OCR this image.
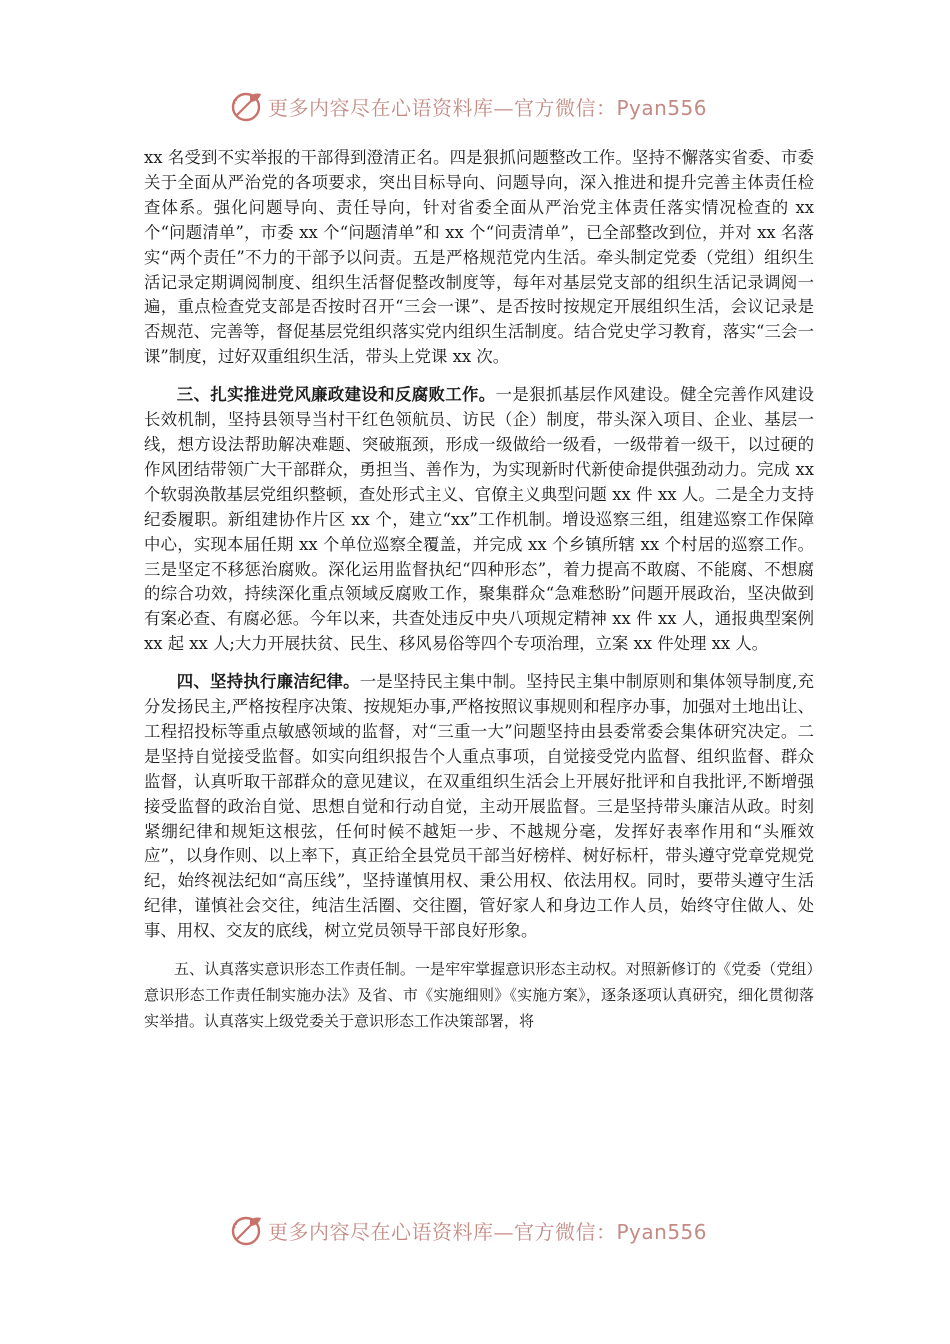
更多内容尽在心语资料库—官方微信：Pyan556

xx 名受到不实举报的干部得到澄清正名。四是狠抓问题整改工作。坚持不懈落实省委、市委关于全面从严治党的各项要求，突出目标导向、问题导向，深入推进和提升完善主体责任检查体系。强化问题导向、责任导向，针对省委全面从严治党主体责任落实情况检查的 xx 个“问题清单”，市委 xx 个“问题清单”和 xx 个“问责清单”，已全部整改到位，并对 xx 名落实“两个责任”不力的干部予以问责。五是严格规范党内生活。牵头制定党委（党组）组织生活记录定期调阅制度、组织生活督促整改制度等，每年对基层党支部的组织生活记录调阅一遍，重点检查党支部是否按时召开“三会一课”、是否按时按规定开展组织生活，会议记录是否规范、完善等，督促基层党组织落实党内组织生活制度。结合党史学习教育，落实“三会一课”制度，过好双重组织生活，带头上党课 xx 次。

三、扎实推进党风廉政建设和反腐败工作。一是狠抓基层作风建设。健全完善作风建设长效机制，坚持县领导当村干红色领航员、访民（企）制度，带头深入项目、企业、基层一线，想方设法帮助解决难题、突破瓶颈，形成一级做给一级看，一级带着一级干，以过硬的作风团结带领广大干部群众，勇担当、善作为，为实现新时代新使命提供强劲动力。完成 xx 个软弱涣散基层党组织整顿，查处形式主义、官僚主义典型问题 xx 件 xx 人。二是全力支持纪委履职。新组建协作片区 xx 个，建立“xx”工作机制。增设巡察三组，组建巡察工作保障中心，实现本届任期 xx 个单位巡察全覆盖，并完成 xx 个乡镇所辖 xx 个村居的巡察工作。三是坚定不移惩治腐败。深化运用监督执纪“四种形态”，着力提高不敢腐、不能腐、不想腐的综合功效，持续深化重点领域反腐败工作，聚集群众“急难愁盼”问题开展政治，坚决做到有案必查、有腐必惩。今年以来，共查处违反中央八项规定精神 xx 件 xx 人，通报典型案例 xx 起 xx 人;大力开展扶贫、民生、移风易俗等四个专项治理，立案 xx 件处理 xx 人。

四、坚持执行廉洁纪律。一是坚持民主集中制。坚持民主集中制原则和集体领导制度,充分发扬民主,严格按程序决策、按规矩办事,严格按照议事规则和程序办事，加强对土地出让、工程招投标等重点敏感领域的监督，对“三重一大”问题坚持由县委常委会集体研究决定。二是坚持自觉接受监督。如实向组织报告个人重点事项，自觉接受党内监督、组织监督、群众监督，认真听取干部群众的意见建议，在双重组织生活会上开展好批评和自我批评,不断增强接受监督的政治自觉、思想自觉和行动自觉，主动开展监督。三是坚持带头廉洁从政。时刻紧绷纪律和规矩这根弦，任何时候不越矩一步、不越规分毫，发挥好表率作用和“头雁效应”，以身作则、以上率下，真正给全县党员干部当好榜样、树好标杆，带头遵守党章党规党纪，始终视法纪如“高压线”，坚持谨慎用权、秉公用权、依法用权。同时，要带头遵守生活纪律，谨慎社会交往，纯洁生活圈、交往圈，管好家人和身边工作人员，始终守住做人、处事、用权、交友的底线，树立党员领导干部良好形象。

五、认真落实意识形态工作责任制。一是牢牢掌握意识形态主动权。对照新修订的《党委（党组）意识形态工作责任制实施办法》及省、市《实施细则》《实施方案》，逐条逐项认真研究，细化贯彻落实举措。认真落实上级党委关于意识形态工作决策部署，将

更多内容尽在心语资料库—官方微信：Pyan556
